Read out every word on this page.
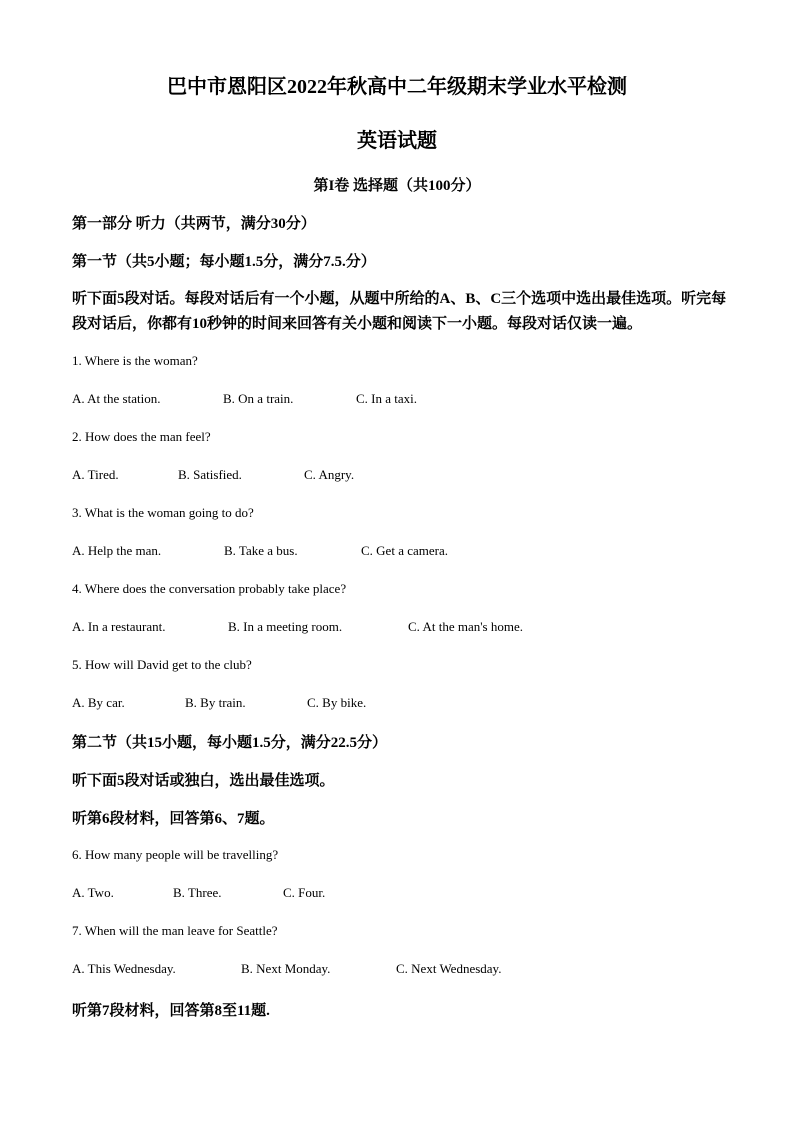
巴中市恩阳区2022年秋高中二年级期末学业水平检测
英语试题
第I卷 选择题（共100分）
第一部分 听力（共两节，满分30分）
第一节（共5小题；每小题1.5分，满分7.5.分）
听下面5段对话。每段对话后有一个小题，从题中所给的A、B、C三个选项中选出最佳选项。听完每段对话后，你都有10秒钟的时间来回答有关小题和阅读下一小题。每段对话仅读一遍。
1. Where is the woman?
A. At the station.	B. On a train.	C. In a taxi.
2. How does the man feel?
A. Tired.	B. Satisfied.	C. Angry.
3. What is the woman going to do?
A. Help the man.	B. Take a bus.	C. Get a camera.
4. Where does the conversation probably take place?
A. In a restaurant.	B. In a meeting room.	C. At the man's home.
5. How will David get to the club?
A. By car.	B. By train.	C. By bike.
第二节（共15小题，每小题1.5分，满分22.5分）
听下面5段对话或独白，选出最佳选项。
听第6段材料，回答第6、7题。
6. How many people will be travelling?
A. Two.	B. Three.	C. Four.
7. When will the man leave for Seattle?
A. This Wednesday.	B. Next Monday.	C. Next Wednesday.
听第7段材料，回答第8至11题.
